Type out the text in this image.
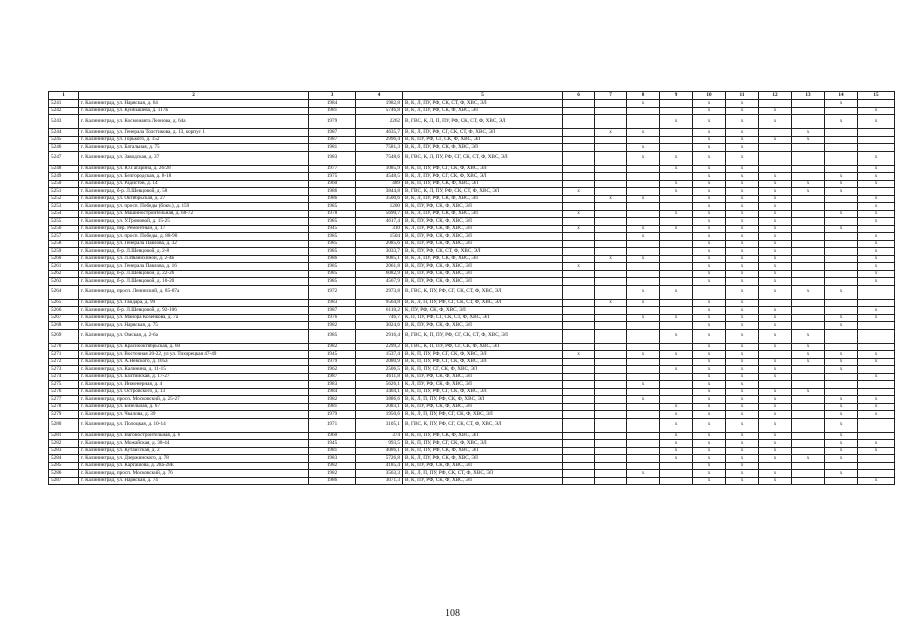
1	2	3	4	5	6	7	8	9	10	11	12	13	14	15
5241	г. Калининград, ул. Нарвская, д. 64	1984	1982,8	В, К, Л, ПУ, РФ, СК, СТ, Ф, ХВС, ЭЛ			x		x	x			x	
5242	г. Калининград, ул. Куйбышева, д. 117в	1981	5746,8	В, К, Л, ПУ, РФ, СК, Ф, ХВС, ЭЛ					x	x	x			x
5243	г. Калининград, ул. Космонавта Леонова, д. 64а	1979	2262	В, ГВС, К, Л, П, ПУ, РФ, СК, СТ, Ф, ХВС, ЭЛ				x	x	x	x		x	x
5244	г. Калининград, ул. Генерала Толстикова, д. 13, корпус 1	1987	4635,7	В, К, Л, ПУ, РФ, СГ, СК, СТ, Ф, ХВС, ЭЛ		x	x		x	x		x		
5245	г. Калининград, ул. Горького, д. 152	1987	2996,4	В, К, ПУ, РФ, СГ, СК, Ф, ХВС, ЭЛ					x	x	x	x		
5246	г. Калининград, ул. Батальная, д. 75	1981	7581,3	В, К, Л, ПУ, РФ, СК, Ф, ХВС, ЭЛ			x		x	x				
5247	г. Калининград, ул. Заводская, д. 37	1983	7548,6	В, ГВС, К, Л, ПУ, РФ, СГ, СК, СТ, Ф, ХВС, ЭЛ			x	x	x	x				x
5248	г. Калининград, ул. Ю.Гагарина, д. 26/28	1977	1085,9	В, К, П, ПУ, РФ, СГ, СК, Ф, ХВС, ЭЛ				x	x	x				x
5249	г. Калининград, ул. Белгородская, д. 8-18	1975	4548,5	В, К, Л, ПУ, РФ, СГ, СК, Ф, ХВС, ЭЛ					x	x	x		x	x
5250	г. Калининград, ул. Радистов, д. 14	1960	489	В, К, П, ПУ, РФ, СК, Ф, ХВС, ЭЛ				x	x	x	x	x	x	x
5251	г. Калининград, б-р. Л.Шевцовой, д. 58	1986	3844,8	В, ГВС, К, Л, ПУ, РФ, СК, СТ, Ф, ХВС, ЭЛ	x			x	x	x	x	x	x	
5252	г. Калининград, ул. Октябрьская, д. 27	1986	3500,6	В, К, Л, ПУ, РФ, СК, Ф, ХВС, ЭЛ		x	x		x	x	x			x
5253	г. Калининград, ул. просп. Победы (бокч.), д. 159	1985	1200	В, К, ПУ, РФ, СК, Ф, ХВС, ЭЛ					x	x	x			x
5254	г. Калининград, ул. Машиностроительная, д. 68-72	1978	5690,7	В, К, Л, ПУ, РФ, СК, Ф, ХВС, ЭЛ	x			x	x	x	x		x	x
5255	г. Калининград, ул. У.Громовой, д. 15-25	1985	4617,4	В, К, ПУ, РФ, СК, Ф, ХВС, ЭЛ					x	x	x			x
5256	г. Калининград, пер. Ремонтный, д. 17	1945	310	К, Л, ПУ, РФ, СК, Ф, ХВС, ЭЛ	x		x	x	x	x	x		x	
5257	г. Калининград, ул. просп. Победы, д. 88-90	1985	1504	В, К, ПУ, РФ, СК, Ф, ХВС, ЭЛ			x		x	x	x			x
5258	г. Калининград, ул. Генерала Павлова, д. 32	1985	2085,6	В, К, ПУ, РФ, СК, Ф, ХВС, ЭЛ					x	x	x			x
5259	г. Калининград, б-р. Л.Шевцовой, д. 2-8	1985	3033,7	В, К, ПУ, РФ, СК, СТ, Ф, ХВС, ЭЛ					x	x	x			x
5260	г. Калининград, ул. Л.Иванихиной, д. 2-4в	1986	9085,1	В, К, Л, ПУ, РФ, СК, Ф, ХВС, ЭЛ		x	x		x	x	x			x
5261	г. Калининград, ул. Генерала Павлова, д. 16	1985	2061,8	В, К, ПУ, РФ, СК, Ф, ХВС, ЭЛ	x				x	x	x			x
5262	г. Калининград, б-р. Л.Шевцовой, д. 22-26	1985	6082,9	В, К, ПУ, РФ, СК, Ф, ХВС, ЭЛ					x	x	x			x
5263	г. Калининград, б-р. Л.Шевцовой, д. 10-20	1985	4567,9	В, К, ПУ, РФ, СК, Ф, ХВС, ЭЛ					x	x	x			x
5264	г. Калининград, просп. Ленинский, д. 85-87а	1972	2973,8	В, ГВС, К, ПУ, РФ, СГ, СК, СТ, Ф, ХВС, ЭЛ			x	x		x	x	x	x	
5265	г. Калининград, ул. Гайдара, д. 99	1983	9564,8	В, К, Л, П, ПУ, РФ, СГ, СК, СТ, Ф, ХВС, ЭЛ		x	x		x	x				
5266	г. Калининград, б-р. Л.Шевцовой, д. 92-106	1987	6110,2	К, ПУ, РФ, СК, Ф, ХВС, ЭЛ					x	x	x			x
5267	г. Калининград, ул. Майора Козенкова, д. 7а	1976	746,7	К, П, ПУ, РФ, СГ, СК, СТ, Ф, ХВС, ЭЛ			x	x	x	x	x		x	x
5268	г. Калининград, ул. Нарвская, д. 75	1982	3024,6	В, К, ПУ, РФ, СК, Ф, ХВС, ЭЛ					x	x	x		x	
5269	г. Калининград, ул. Омская, д. 2-6а	1985	2916,4	В, ГВС, К, П, ПУ, РФ, СГ, СК, СТ, Ф, ХВС, ЭЛ				x	x	x	x	x		
5270	г. Калининград, ул. Краснооктябрьская, д. 60	1982	2299,2	В, ГВС, К, П, ПУ, РФ, СГ, СК, Ф, ХВС, ЭЛ					x	x	x	x		
5271	г. Калининград, ул. Восточная 20-22, ул ул. Тихорецкая 47-49	1945	1537,4	В, К, П, ПУ, РФ, СГ, СК, Ф, ХВС, ЭЛ	x		x	x	x	x		x	x	x
5272	г. Калининград, ул. А.Невского, д. 105а	1979	2080,9	В, К, П, ПУ, РФ, СГ, СК, Ф, ХВС, ЭЛ					x	x	x	x	x	x
5273	г. Калининград, ул. Калинина, д. 11-15	1962	2506,5	В, К, П, ПУ, СГ, СК, Ф, ХВС, ЭЛ				x	x	x	x		x	
5274	г. Калининград, ул. Балтийская, д. 17-27	1987	4611,8	В, К, ПУ, РФ, СК, Ф, ХВС, ЭЛ					x	x	x			x
5275	г. Калининград, ул. Инженерная, д. 4	1983	5626,1	К, Л, ПУ, РФ, СК, Ф, ХВС, ЭЛ			x		x	x				
5276	г. Калининград, ул. Островского, д. 13	1984	3404,1	В, К, П, ПУ, РФ, СГ, СК, Ф, ХВС, ЭЛ					x	x	x	x		
5277	г. Калининград, просп. Московский, д. 25-27	1982	3886,6	В, К, Л, П, ПУ, РФ, СК, Ф, ХВС, ЭЛ			x		x	x	x		x	x
5278	г. Калининград, ул. Бизельная, д. 67	1981	2083,1	В, К, ПУ, РФ, СК, Ф, ХВС, ЭЛ				x	x	x	x		x	x
5279	г. Калининград, ул. Чкалова, д. 39	1979	1950,6	В, К, Л, П, ПУ, РФ, СГ, СК, Ф, ХВС, ЭЛ				x	x	x	x		x	x
5280	г. Калининград, ул. Полоцкая, д. 10-14	1971	3105,1	В, ГВС, К, ПУ, РФ, СГ, СК, СТ, Ф, ХВС, ЭЛ				x	x	x	x		x	
5281	г. Калининград, ул. Вагоностроительная, д. 6	1960	374	В, К, П, ПУ, РФ, СК, Ф, ХВС, ЭЛ				x	x	x	x		x	
5282	г. Калининград, ул. Можайская, д. 38-44	1945	993,5	В, К, П, ПУ, РФ, СГ, СК, Ф, ХВС, ЭЛ				x	x	x	x		x	x
5283	г. Калининград, ул. Кутаисская, д. 2	1981	4086,1	В, К, П, ПУ, РФ, СК, Ф, ХВС, ЭЛ				x	x	x	x		x	x
5284	г. Калининград, ул. Дзержинского, д. 78	1983	5726,8	В, К, Л, ПУ, РФ, СК, Ф, ХВС, ЭЛ				x	x	x	x	x	x	
5285	г. Калининград, ул. Карташова, д. 28а-28Е	1982	4185,4	В, К, ПУ, РФ, СК, Ф, ХВС, ЭЛ					x	x				
5286	г. Калининград, просп. Московский, д. 76	1982	3563,3	В, К, Л, П, ПУ, РФ, СК, СТ, Ф, ХВС, ЭЛ			x		x	x	x		x	
5287	г. Калининград, ул. Нарвская, д. 74	1986	3071,3	В, К, ПУ, РФ, СК, Ф, ХВС, ЭЛ					x	x	x			x
108
